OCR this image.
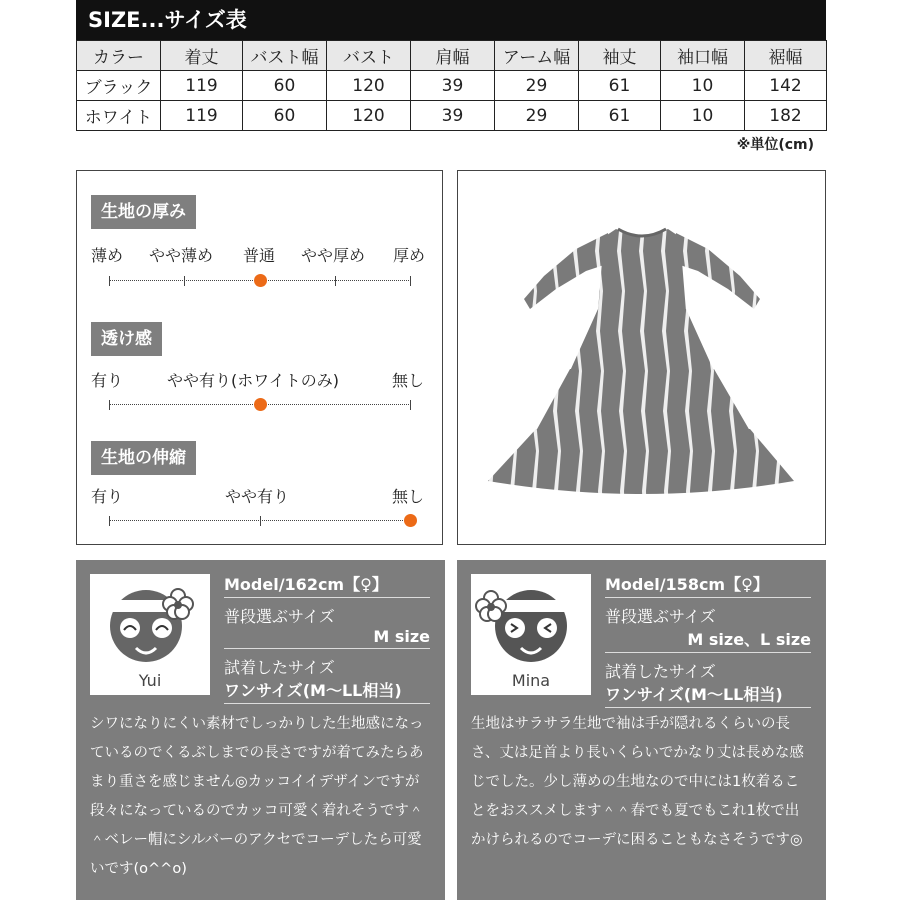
SIZE...サイズ表
カラー	着丈	バスト幅	バスト	肩幅	アーム幅	袖丈	袖口幅	裾幅
ブラック	119	60	120	39	29	61	10	142
ホワイト	119	60	120	39	29	61	10	182
※単位(cm)
生地の厚み
薄め やや薄め 普通 やや厚め 厚め
透け感
有り	やや有り(ホワイトのみ)	無し
生地の伸縮
有り	やや有り	無し
Yui
Model/162cm【♀】
普段選ぶサイズ
M size
試着したサイズ
ワンサイズ(M〜LL相当)
シワになりにくい素材でしっかりした生地感になっているのでくるぶしまでの長さですが着てみたらあまり重さを感じません◎カッコイイデザインですが段々になっているのでカッコ可愛く着れそうです＾＾ベレー帽にシルバーのアクセでコーデしたら可愛いです(o^^o)
Mina
Model/158cm【♀】
普段選ぶサイズ
M size、L size
試着したサイズ
ワンサイズ(M〜LL相当)
生地はサラサラ生地で袖は手が隠れるくらいの長さ、丈は足首より長いくらいでかなり丈は長めな感じでした。少し薄めの生地なので中には1枚着ることをおススメします＾＾春でも夏でもこれ1枚で出かけられるのでコーデに困ることもなさそうです◎
